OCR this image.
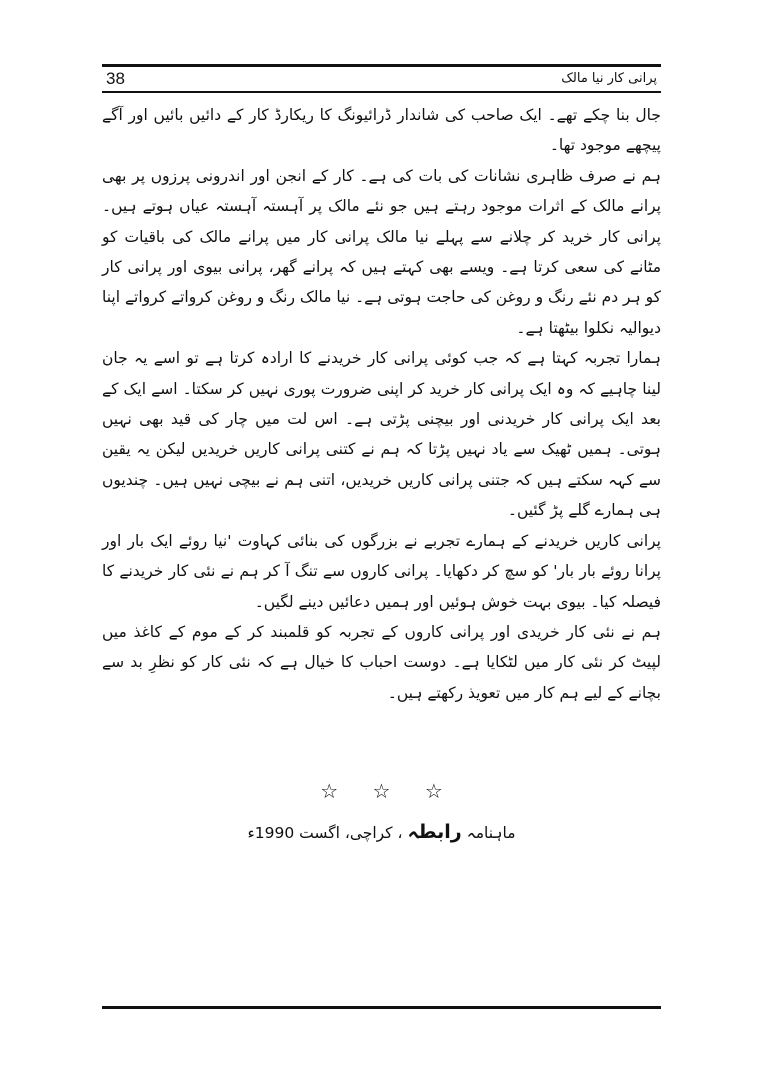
38	پرانی کار نیا مالک

جال بنا چکے تھے۔ ایک صاحب کی شاندار ڈرائیونگ کا ریکارڈ کار کے دائیں بائیں اور آگے پیچھے موجود تھا۔

ہم نے صرف ظاہری نشانات کی بات کی ہے۔ کار کے انجن اور اندرونی پرزوں پر بھی پرانے مالک کے اثرات موجود رہتے ہیں جو نئے مالک پر آہستہ آہستہ عیاں ہوتے ہیں۔ پرانی کار خرید کر چلانے سے پہلے نیا مالک پرانی کار میں پرانے مالک کی باقیات کو مٹانے کی سعی کرتا ہے۔ ویسے بھی کہتے ہیں کہ پرانے گھر، پرانی بیوی اور پرانی کار کو ہر دم نئے رنگ و روغن کی حاجت ہوتی ہے۔ نیا مالک رنگ و روغن کرواتے کرواتے اپنا دیوالیہ نکلوا بیٹھتا ہے۔

ہمارا تجربہ کہتا ہے کہ جب کوئی پرانی کار خریدنے کا ارادہ کرتا ہے تو اسے یہ جان لینا چاہیے کہ وہ ایک پرانی کار خرید کر اپنی ضرورت پوری نہیں کر سکتا۔ اسے ایک کے بعد ایک پرانی کار خریدنی اور بیچنی پڑتی ہے۔ اس لت میں چار کی قید بھی نہیں ہوتی۔ ہمیں ٹھیک سے یاد نہیں پڑتا کہ ہم نے کتنی پرانی کاریں خریدیں لیکن یہ یقین سے کہہ سکتے ہیں کہ جتنی پرانی کاریں خریدیں، اتنی ہم نے بیچی نہیں ہیں۔ چندیوں ہی ہمارے گلے پڑ گئیں۔

پرانی کاریں خریدنے کے ہمارے تجربے نے بزرگوں کی بنائی کہاوت 'نیا روئے ایک بار اور پرانا روئے بار بار' کو سچ کر دکھایا۔ پرانی کاروں سے تنگ آ کر ہم نے نئی کار خریدنے کا فیصلہ کیا۔ بیوی بہت خوش ہوئیں اور ہمیں دعائیں دینے لگیں۔

ہم نے نئی کار خریدی اور پرانی کاروں کے تجربہ کو قلمبند کر کے موم کے کاغذ میں لپیٹ کر نئی کار میں لٹکایا ہے۔ دوست احباب کا خیال ہے کہ نئی کار کو نظرِ بد سے بچانے کے لیے ہم کار میں تعویذ رکھتے ہیں۔

☆ ☆ ☆
ماہنامہ رابطہ ، کراچی، اگست 1990ء
